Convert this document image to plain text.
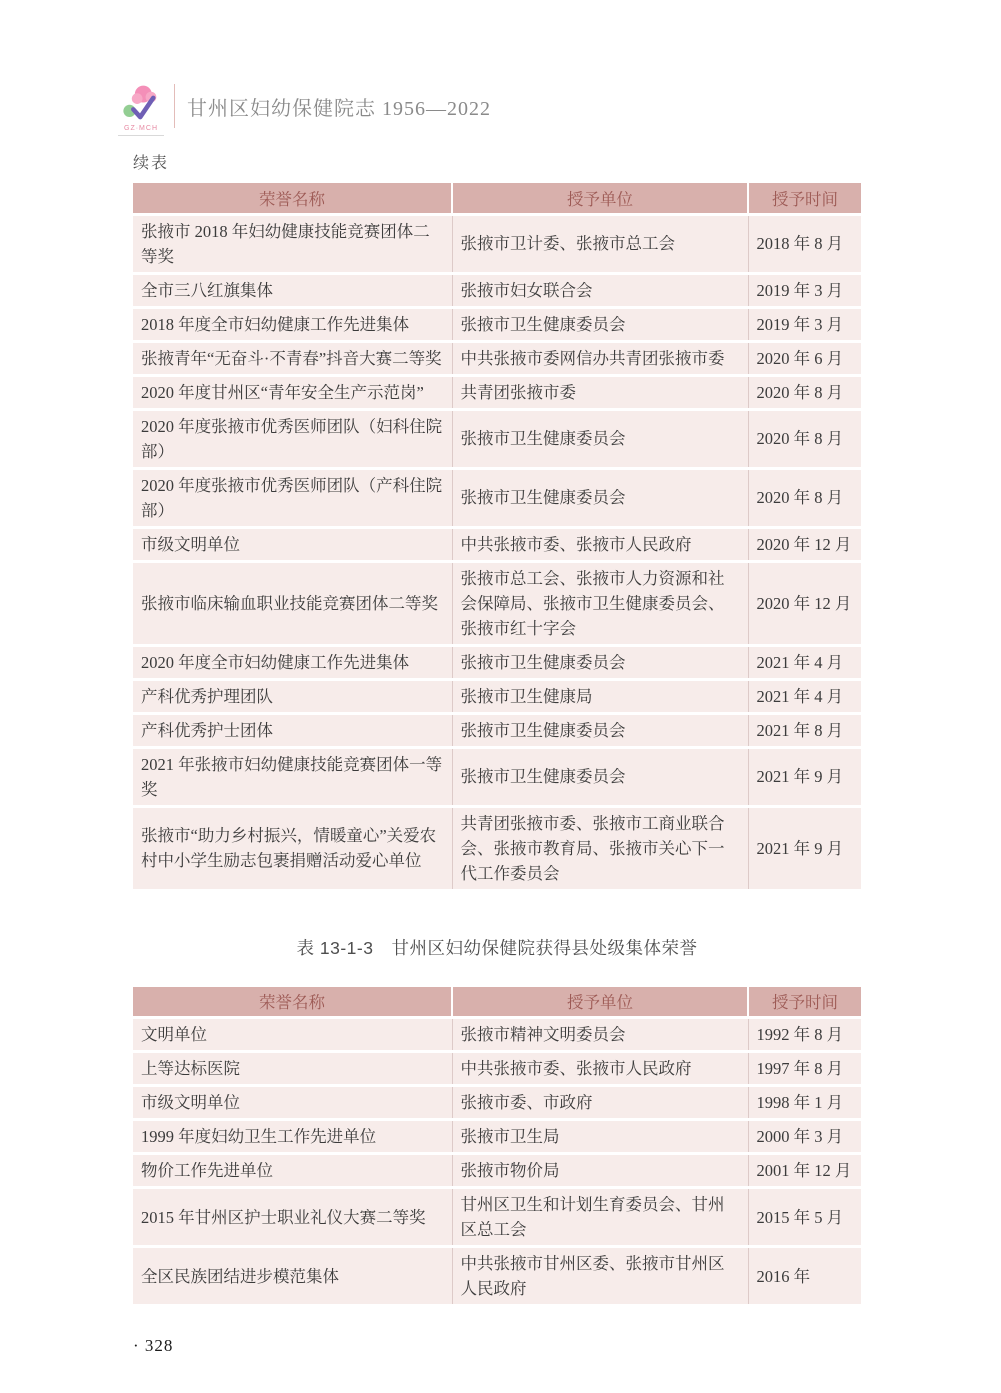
GZ·MCH
甘州区妇幼保健院志 1956—2022
续表
荣誉名称	授予单位	授予时间
张掖市 2018 年妇幼健康技能竞赛团体二等奖	张掖市卫计委、张掖市总工会	2018 年 8 月
全市三八红旗集体	张掖市妇女联合会	2019 年 3 月
2018 年度全市妇幼健康工作先进集体	张掖市卫生健康委员会	2019 年 3 月
张掖青年“无奋斗·不青春”抖音大赛二等奖	中共张掖市委网信办共青团张掖市委	2020 年 6 月
2020 年度甘州区“青年安全生产示范岗”	共青团张掖市委	2020 年 8 月
2020 年度张掖市优秀医师团队（妇科住院部）	张掖市卫生健康委员会	2020 年 8 月
2020 年度张掖市优秀医师团队（产科住院部）	张掖市卫生健康委员会	2020 年 8 月
市级文明单位	中共张掖市委、张掖市人民政府	2020 年 12 月
张掖市临床输血职业技能竞赛团体二等奖	张掖市总工会、张掖市人力资源和社会保障局、张掖市卫生健康委员会、张掖市红十字会	2020 年 12 月
2020 年度全市妇幼健康工作先进集体	张掖市卫生健康委员会	2021 年 4 月
产科优秀护理团队	张掖市卫生健康局	2021 年 4 月
产科优秀护士团体	张掖市卫生健康委员会	2021 年 8 月
2021 年张掖市妇幼健康技能竞赛团体一等奖	张掖市卫生健康委员会	2021 年 9 月
张掖市“助力乡村振兴，情暖童心”关爱农村中小学生励志包裹捐赠活动爱心单位	共青团张掖市委、张掖市工商业联合会、张掖市教育局、张掖市关心下一代工作委员会	2021 年 9 月
表 13-1-3　甘州区妇幼保健院获得县处级集体荣誉
荣誉名称	授予单位	授予时间
文明单位	张掖市精神文明委员会	1992 年 8 月
上等达标医院	中共张掖市委、张掖市人民政府	1997 年 8 月
市级文明单位	张掖市委、市政府	1998 年 1 月
1999 年度妇幼卫生工作先进单位	张掖市卫生局	2000 年 3 月
物价工作先进单位	张掖市物价局	2001 年 12 月
2015 年甘州区护士职业礼仪大赛二等奖	甘州区卫生和计划生育委员会、甘州区总工会	2015 年 5 月
全区民族团结进步模范集体	中共张掖市甘州区委、张掖市甘州区人民政府	2016 年
· 328
